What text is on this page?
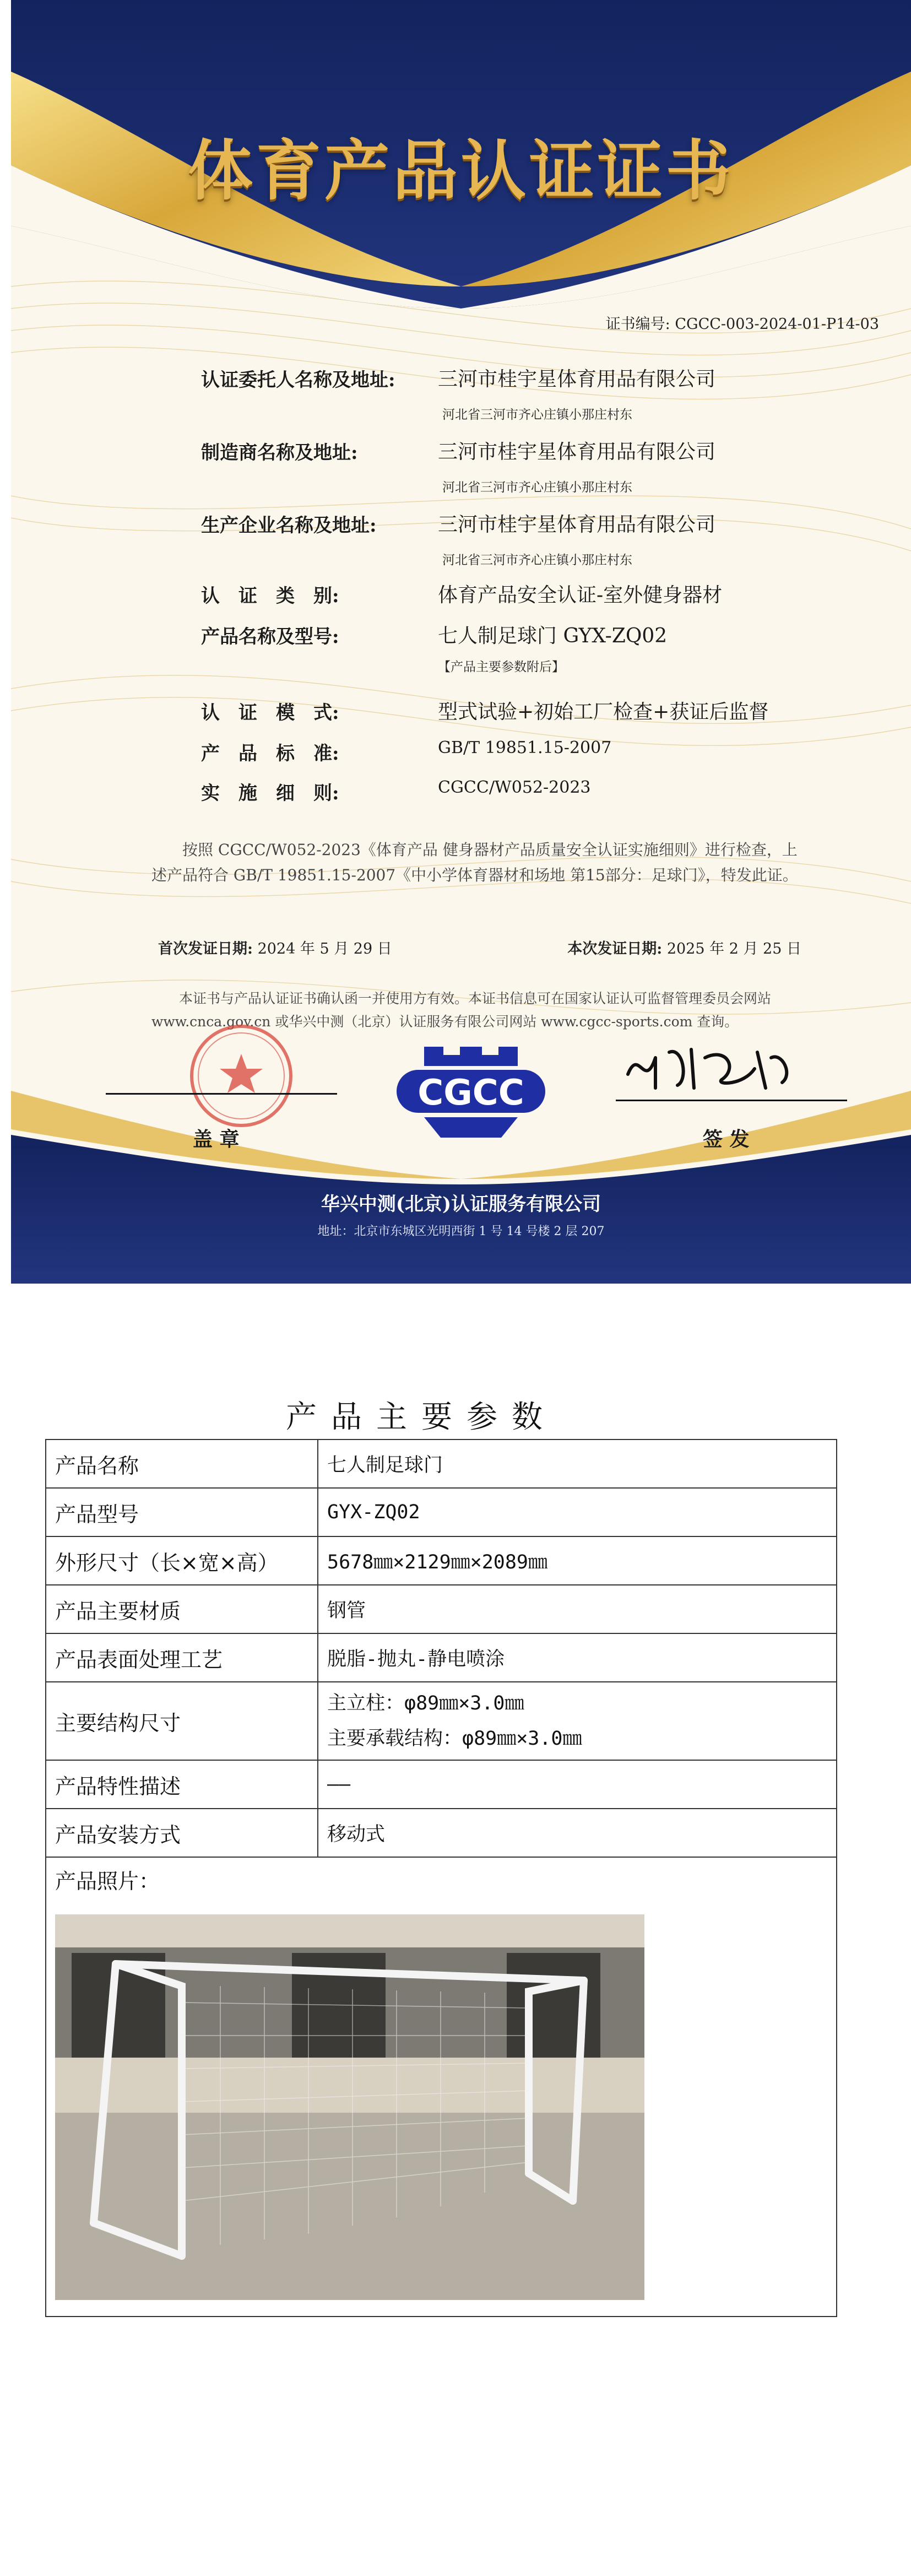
体育产品认证证书
证书编号: CGCC-003-2024-01-P14-03
认证委托人名称及地址: 三河市桂宇星体育用品有限公司
河北省三河市齐心庄镇小那庄村东
制造商名称及地址:	三河市桂宇星体育用品有限公司
河北省三河市齐心庄镇小那庄村东
生产企业名称及地址:	三河市桂宇星体育用品有限公司
河北省三河市齐心庄镇小那庄村东
认　证　类　别:	体育产品安全认证-室外健身器材
产品名称及型号:	七人制足球门 GYX-ZQ02
【产品主要参数附后】
认　证　模　式:	型式试验+初始工厂检查+获证后监督
产　品　标　准:	GB/T 19851.15-2007
实　施　细　则:	CGCC/W052-2023
按照 CGCC/W052-2023《体育产品 健身器材产品质量安全认证实施细则》进行检查，上述产品符合 GB/T 19851.15-2007《中小学体育器材和场地 第15部分：足球门》，特发此证。
首次发证日期: 2024 年 5 月 29 日	本次发证日期: 2025 年 2 月 25 日
本证书与产品认证证书确认函一并使用方有效。本证书信息可在国家认证认可监督管理委员会网站 www.cnca.gov.cn 或华兴中测（北京）认证服务有限公司网站 www.cgcc-sports.com 查询。
盖 章
CGCC
签 发
华兴中测(北京)认证服务有限公司
地址：北京市东城区光明西街 1 号 14 号楼 2 层 207
产品主要参数
产品名称	七人制足球门
产品型号	GYX-ZQ02
外形尺寸（长×宽×高）	5678㎜×2129㎜×2089㎜
产品主要材质	钢管
产品表面处理工艺	脱脂-抛丸-静电喷涂
主要结构尺寸	主立柱：φ89㎜×3.0㎜
主要承载结构：φ89㎜×3.0㎜

产品特性描述	——
产品安装方式	移动式

产品照片：	
